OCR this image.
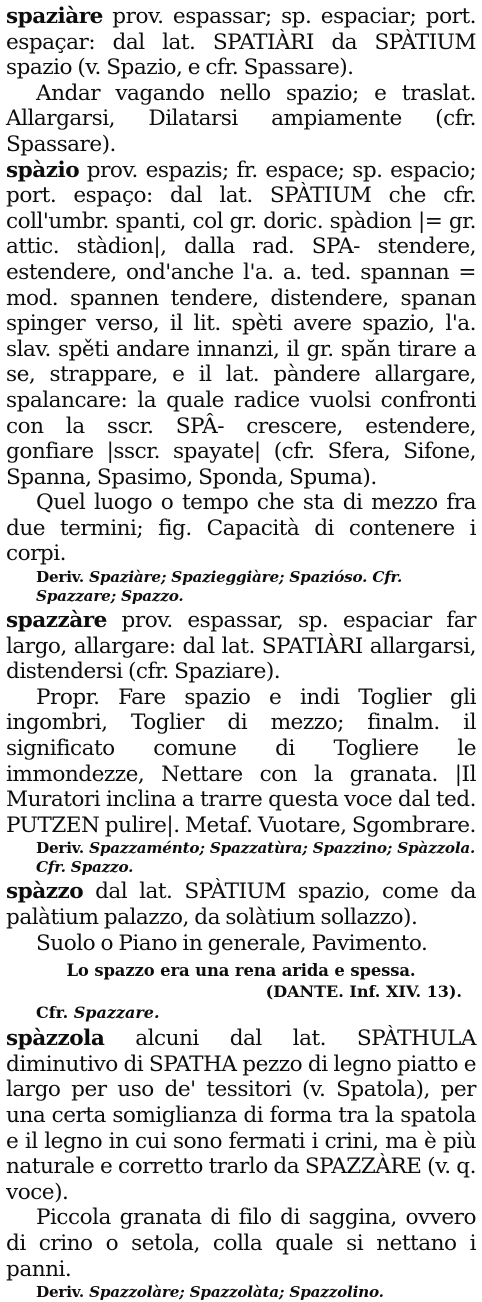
spaziàre prov. espassar; sp. espaciar; port. espaçar: dal lat. SPATIÀRI da SPÀTIUM spazio (v. Spazio, e cfr. Spassare).

Andar vagando nello spazio; e traslat. Allargarsi, Dilatarsi ampiamente (cfr. Spassare).

spàzio prov. espazis; fr. espace; sp. espacio; port. espaço: dal lat. SPÀTIUM che cfr. coll'umbr. spanti, col gr. doric. spàdion |= gr. attic. stàdion|, dalla rad. SPA- stendere, estendere, ond'anche l'a. a. ted. spannan = mod. spannen tendere, distendere, spanan spinger verso, il lit. spèti avere spazio, l'a. slav. spěti andare innanzi, il gr. spăn tirare a se, strappare, e il lat. pàndere allargare, spalancare: la quale radice vuolsi confronti con la sscr. SPÂ- crescere, estendere, gonfiare |sscr. spayate| (cfr. Sfera, Sifone, Spanna, Spasimo, Sponda, Spuma).

Quel luogo o tempo che sta di mezzo fra due termini; fig. Capacità di contenere i corpi.

Deriv. Spaziàre; Spazieggiàre; Spazióso. Cfr. Spazzare; Spazzo.

spazzàre prov. espassar, sp. espaciar far largo, allargare: dal lat. SPATIÀRI allargarsi, distendersi (cfr. Spaziare).

Propr. Fare spazio e indi Toglier gli ingombri, Toglier di mezzo; finalm. il significato comune di Togliere le immondezze, Nettare con la granata. |Il Muratori inclina a trarre questa voce dal ted. PUTZEN pulire|. Metaf. Vuotare, Sgombrare.

Deriv. Spazzaménto; Spazzatùra; Spazzino; Spàzzola. Cfr. Spazzo.

spàzzo dal lat. SPÀTIUM spazio, come da palàtium palazzo, da solàtium sollazzo).

Suolo o Piano in generale, Pavimento.

Lo spazzo era una rena arida e spessa.

(DANTE. Inf. XIV. 13).

Cfr. Spazzare.

spàzzola alcuni dal lat. SPÀTHULA diminutivo di SPATHA pezzo di legno piatto e largo per uso de' tessitori (v. Spatola), per una certa somiglianza di forma tra la spatola e il legno in cui sono fermati i crini, ma è più naturale e corretto trarlo da SPAZZÀRE (v. q. voce).

Piccola granata di filo di saggina, ovvero di crino o setola, colla quale si nettano i panni.

Deriv. Spazzolàre; Spazzolàta; Spazzolino.
